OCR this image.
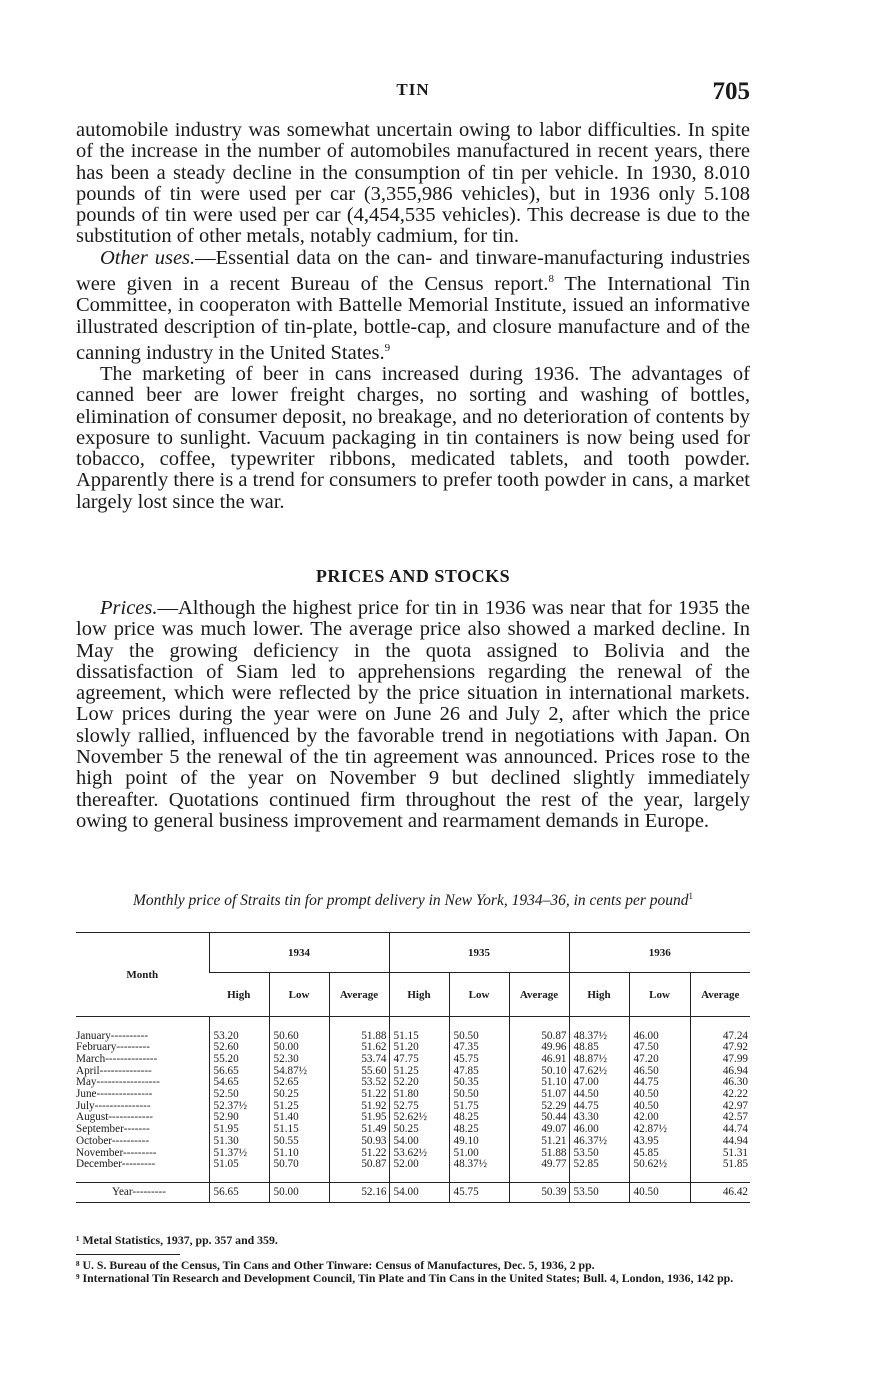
TIN	705

automobile industry was somewhat uncertain owing to labor difficulties. In spite of the increase in the number of automobiles manufactured in recent years, there has been a steady decline in the consumption of tin per vehicle. In 1930, 8.010 pounds of tin were used per car (3,355,986 vehicles), but in 1936 only 5.108 pounds of tin were used per car (4,454,535 vehicles). This decrease is due to the substitution of other metals, notably cadmium, for tin.

Other uses.—Essential data on the can- and tinware-manufacturing industries were given in a recent Bureau of the Census report.$^8$ The International Tin Committee, in cooperaton with Battelle Memorial Institute, issued an informative illustrated description of tin-plate, bottle-cap, and closure manufacture and of the canning industry in the United States.$^9$

The marketing of beer in cans increased during 1936. The advantages of canned beer are lower freight charges, no sorting and washing of bottles, elimination of consumer deposit, no breakage, and no deterioration of contents by exposure to sunlight. Vacuum packaging in tin containers is now being used for tobacco, coffee, typewriter ribbons, medicated tablets, and tooth powder. Apparently there is a trend for consumers to prefer tooth powder in cans, a market largely lost since the war.

PRICES AND STOCKS

Prices.—Although the highest price for tin in 1936 was near that for 1935 the low price was much lower. The average price also showed a marked decline. In May the growing deficiency in the quota assigned to Bolivia and the dissatisfaction of Siam led to apprehensions regarding the renewal of the agreement, which were reflected by the price situation in international markets. Low prices during the year were on June 26 and July 2, after which the price slowly rallied, influenced by the favorable trend in negotiations with Japan. On November 5 the renewal of the tin agreement was announced. Prices rose to the high point of the year on November 9 but declined slightly immediately thereafter. Quotations continued firm throughout the rest of the year, largely owing to general business improvement and rearmament demands in Europe.

Monthly price of Straits tin for prompt delivery in New York, 1934–36, in cents per pound$^1$
Month	1934			1935			1936		
	High	Low	Average	High	Low	Average	High	Low	Average

January----------	53.20	50.60	51.88	51.15	50.50	50.87	48.37½	46.00	47.24
February---------	52.60	50.00	51.62	51.20	47.35	49.96	48.85	47.50	47.92
March--------------	55.20	52.30	53.74	47.75	45.75	46.91	48.87½	47.20	47.99
April--------------	56.65	54.87½	55.60	51.25	47.85	50.10	47.62½	46.50	46.94
May-----------------	54.65	52.65	53.52	52.20	50.35	51.10	47.00	44.75	46.30
June---------------	52.50	50.25	51.22	51.80	50.50	51.07	44.50	40.50	42.22
July---------------	52.37½	51.25	51.92	52.75	51.75	52.29	44.75	40.50	42.97
August------------	52.90	51.40	51.95	52.62½	48.25	50.44	43.30	42.00	42.57
September-------	51.95	51.15	51.49	50.25	48.25	49.07	46.00	42.87½	44.74
October----------	51.30	50.55	50.93	54.00	49.10	51.21	46.37½	43.95	44.94
November---------	51.37½	51.10	51.22	53.62½	51.00	51.88	53.50	45.85	51.31
December---------	51.05	50.70	50.87	52.00	48.37½	49.77	52.85	50.62½	51.85

Year---------	56.65	50.00	52.16	54.00	45.75	50.39	53.50	40.50	46.42
¹ Metal Statistics, 1937, pp. 357 and 359.
⁸ U. S. Bureau of the Census, Tin Cans and Other Tinware: Census of Manufactures, Dec. 5, 1936, 2 pp.
⁹ International Tin Research and Development Council, Tin Plate and Tin Cans in the United States; Bull. 4, London, 1936, 142 pp.
